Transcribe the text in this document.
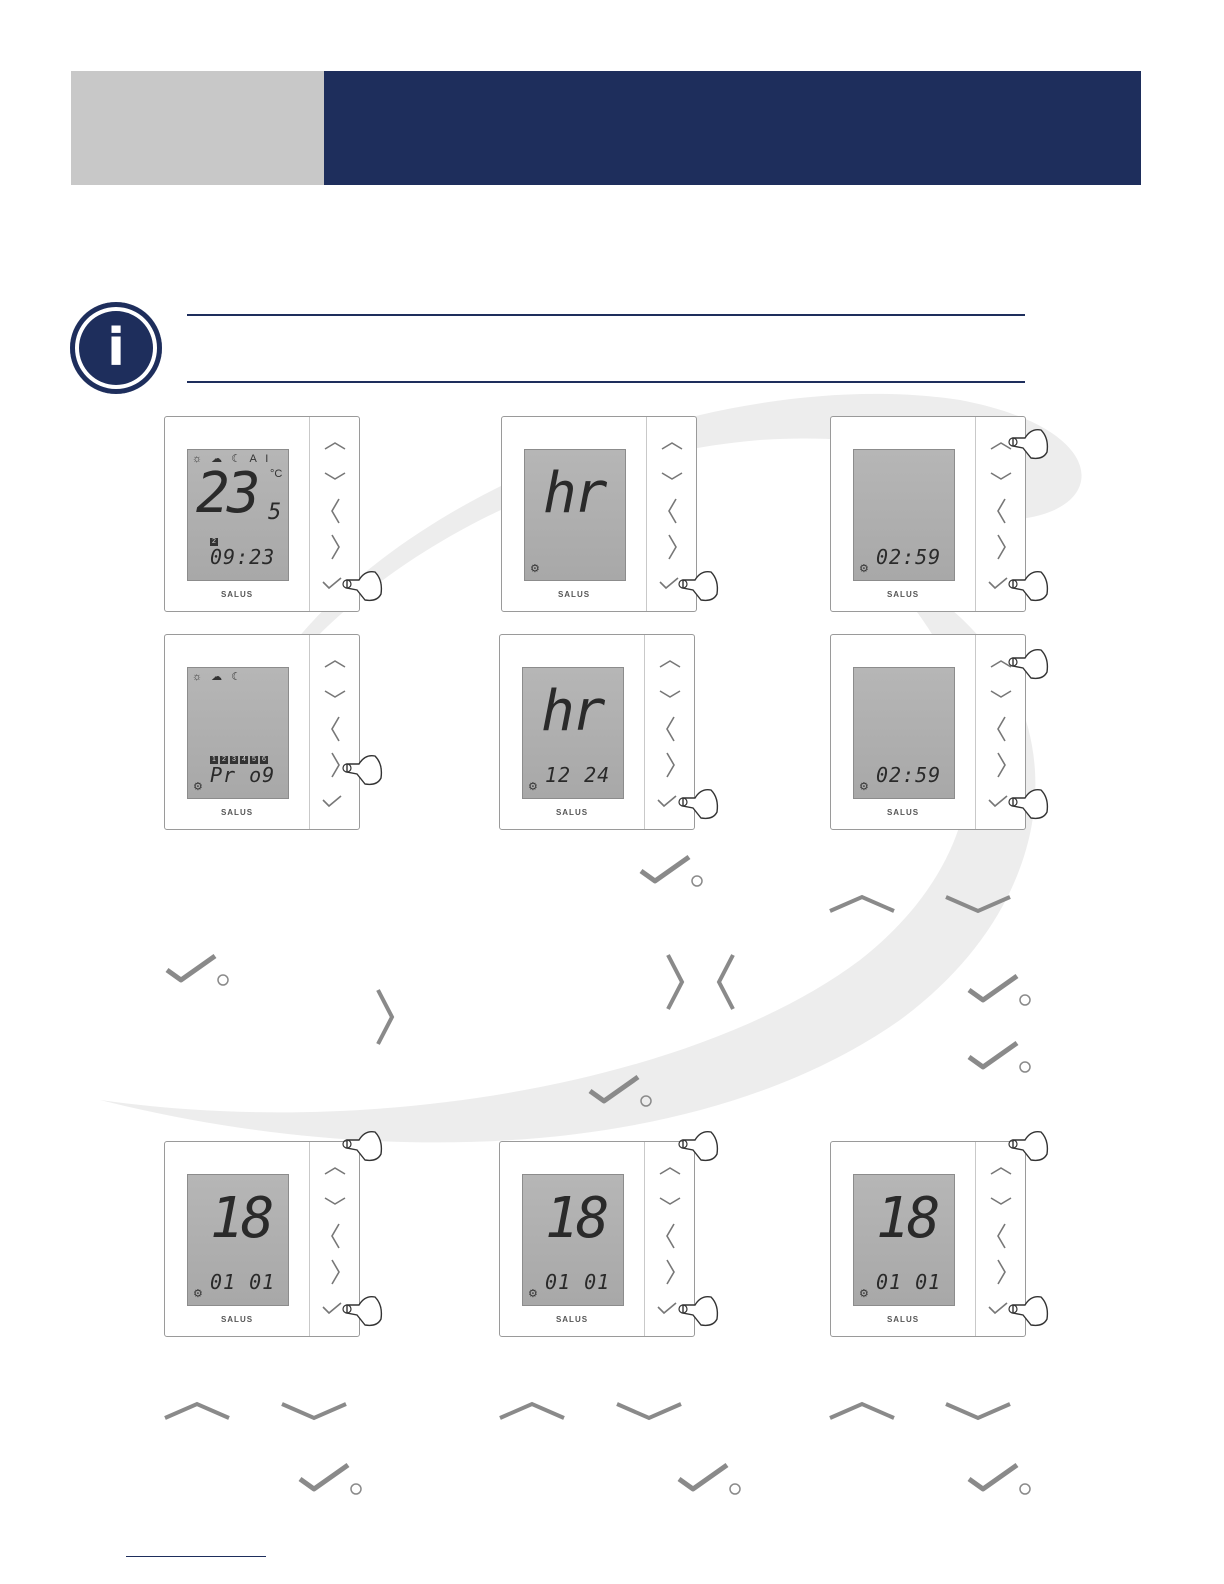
i
☼ ☁ ☾ A I
°C
23 5
2
09:23
SALUS
hr
⚙
SALUS
02:59
⚙
SALUS
☼ ☁ ☾
1 2 3 4 5 6
Pr o9
⚙
SALUS
hr
12 24
⚙
SALUS
02:59
⚙
SALUS
18
01 01
⚙
SALUS
18
01 01
⚙
SALUS
18
01 01
⚙
SALUS
